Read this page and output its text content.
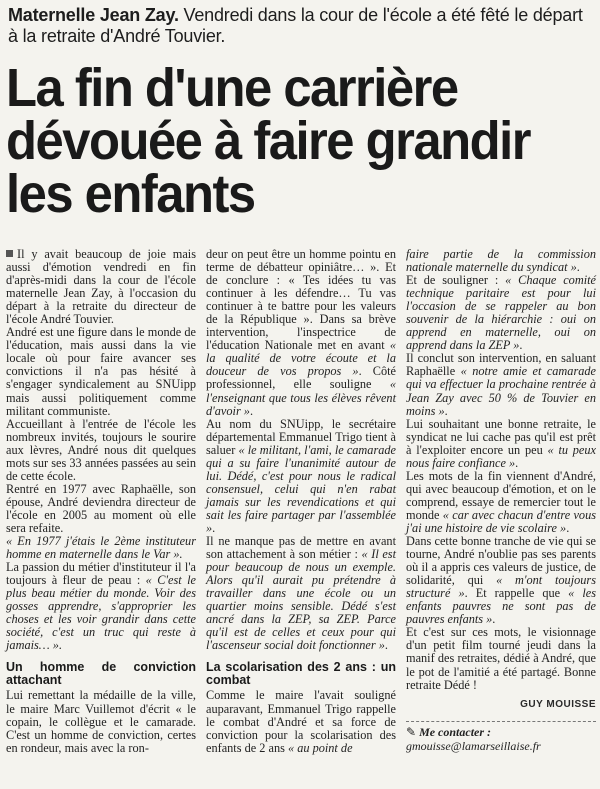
Maternelle Jean Zay. Vendredi dans la cour de l'école a été fêté le départ à la retraite d'André Touvier.
La fin d'une carrière
dévouée à faire grandir
les enfants

Il y avait beaucoup de joie mais aussi d'émotion vendredi en fin d'après-midi dans la cour de l'école maternelle Jean Zay, à l'occasion du départ à la retraite du directeur de l'école André Touvier.

André est une figure dans le monde de l'éducation, mais aussi dans la vie locale où pour faire avancer ses convictions il n'a pas hésité à s'engager syndicalement au SNUipp mais aussi politiquement comme militant communiste.

Accueillant à l'entrée de l'école les nombreux invités, toujours le sourire aux lèvres, André nous dit quelques mots sur ses 33 années passées au sein de cette école.

Rentré en 1977 avec Raphaëlle, son épouse, André deviendra directeur de l'école en 2005 au moment où elle sera refaite.

« En 1977 j'étais le 2ème instituteur homme en maternelle dans le Var ».

La passion du métier d'instituteur il l'a toujours à fleur de peau : « C'est le plus beau métier du monde. Voir des gosses apprendre, s'approprier les choses et les voir grandir dans cette société, c'est un truc qui reste à jamais… ».

Un homme de conviction attachant

Lui remettant la médaille de la ville, le maire Marc Vuillemot d'écrit « le copain, le collègue et le camarade. C'est un homme de conviction, certes en rondeur, mais avec la ron-

deur on peut être un homme pointu en terme de débatteur opiniâtre… ». Et de conclure : « Tes idées tu vas continuer à les défendre… Tu vas continuer à te battre pour les valeurs de la République ». Dans sa brève intervention, l'inspectrice de l'éducation Nationale met en avant « la qualité de votre écoute et la douceur de vos propos ». Côté professionnel, elle souligne « l'enseignant que tous les élèves rêvent d'avoir ».

Au nom du SNUipp, le secrétaire départemental Emmanuel Trigo tient à saluer « le militant, l'ami, le camarade qui a su faire l'unanimité autour de lui. Dédé, c'est pour nous le radical consensuel, celui qui n'en rabat jamais sur les revendications et qui sait les faire partager par l'assemblée ».

Il ne manque pas de mettre en avant son attachement à son métier : « Il est pour beaucoup de nous un exemple. Alors qu'il aurait pu prétendre à travailler dans une école ou un quartier moins sensible. Dédé s'est ancré dans la ZEP, sa ZEP. Parce qu'il est de celles et ceux pour qui l'ascenseur social doit fonctionner ».

La scolarisation des 2 ans : un combat

Comme le maire l'avait souligné auparavant, Emmanuel Trigo rappelle le combat d'André et sa force de conviction pour la scolarisation des enfants de 2 ans « au point de

faire partie de la commission nationale maternelle du syndicat ».

Et de souligner : « Chaque comité technique paritaire est pour lui l'occasion de se rappeler au bon souvenir de la hiérarchie : oui on apprend en maternelle, oui on apprend dans la ZEP ».

Il conclut son intervention, en saluant Raphaëlle « notre amie et camarade qui va effectuer la prochaine rentrée à Jean Zay avec 50 % de Touvier en moins ».

Lui souhaitant une bonne retraite, le syndicat ne lui cache pas qu'il est prêt à l'exploiter encore un peu « tu peux nous faire confiance ».

Les mots de la fin viennent d'André, qui avec beaucoup d'émotion, et on le comprend, essaye de remercier tout le monde « car avec chacun d'entre vous j'ai une histoire de vie scolaire ».

Dans cette bonne tranche de vie qui se tourne, André n'oublie pas ses parents où il a appris ces valeurs de justice, de solidarité, qui « m'ont toujours structuré ». Et rappelle que « les enfants pauvres ne sont pas de pauvres enfants ».

Et c'est sur ces mots, le visionnage d'un petit film tourné jeudi dans la manif des retraites, dédié à André, que le pot de l'amitié a été partagé. Bonne retraite Dédé !

GUY MOUISSE
✎ Me contacter :
gmouisse@lamarseillaise.fr
